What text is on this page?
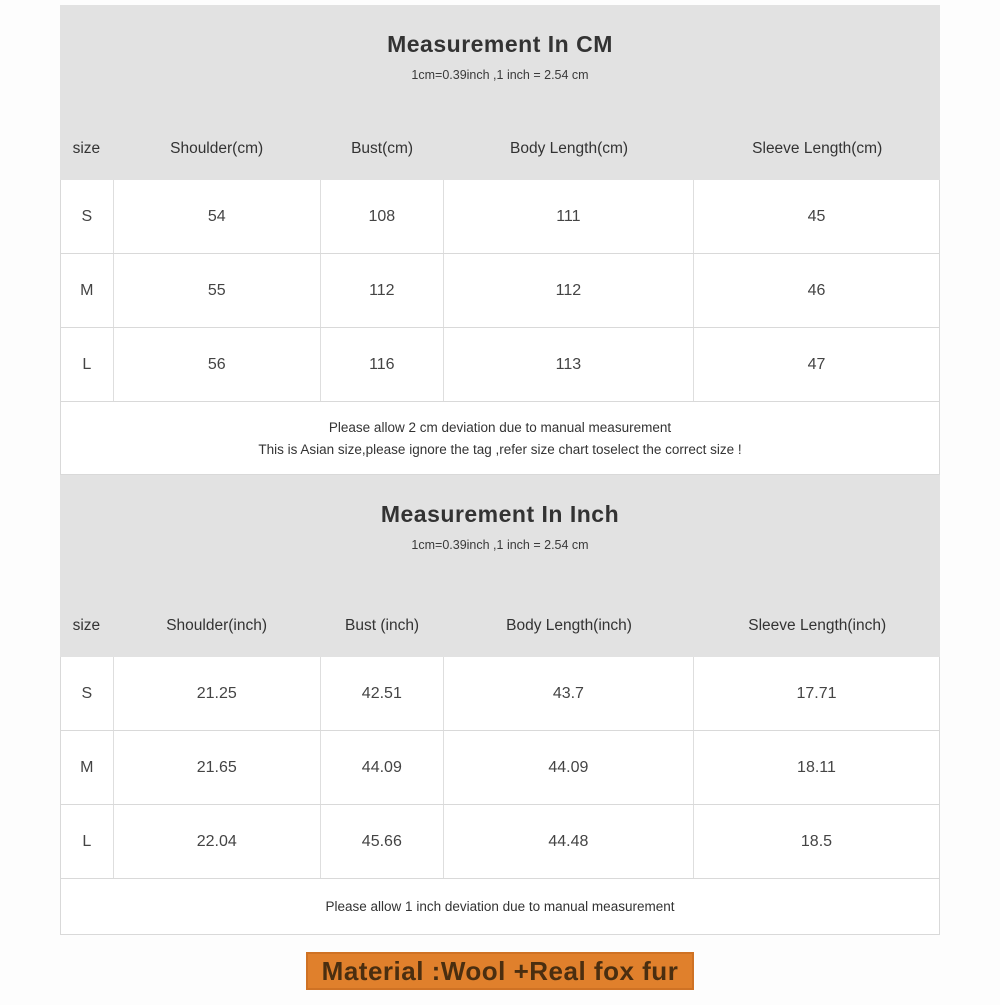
Measurement In CM
1cm=0.39inch ,1 inch = 2.54 cm
size	Shoulder(cm)	Bust(cm)	Body Length(cm)	Sleeve Length(cm)
S	54	108	111	45
M	55	112	112	46
L	56	116	113	47

Please allow 2 cm deviation due to manual measurement

This is Asian size,please ignore the tag ,refer size chart toselect the correct size !

Measurement In Inch
1cm=0.39inch ,1 inch = 2.54 cm
size	Shoulder(inch)	Bust (inch)	Body Length(inch)	Sleeve Length(inch)
S	21.25	42.51	43.7	17.71
M	21.65	44.09	44.09	18.11
L	22.04	45.66	44.48	18.5

Please allow 1 inch deviation due to manual measurement

Material :Wool +Real fox fur
